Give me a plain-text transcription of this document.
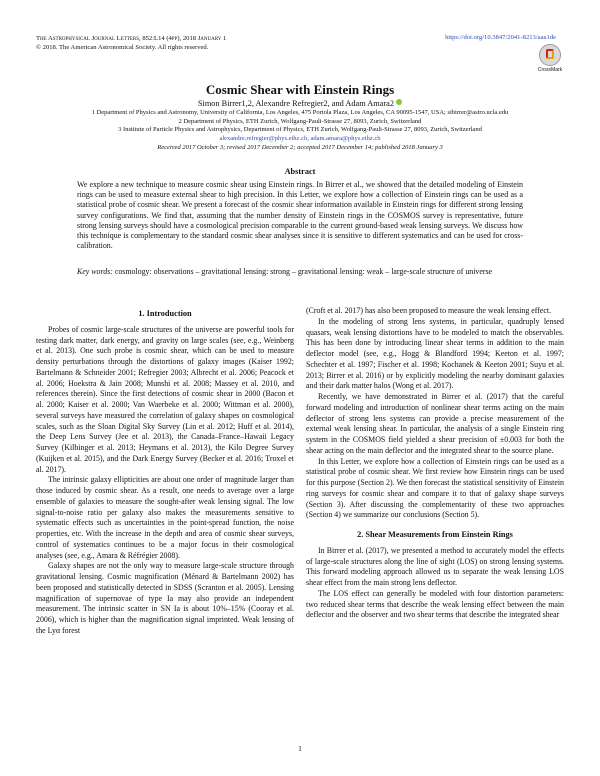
The Astrophysical Journal Letters, 852:L14 (4pp), 2018 January 1
© 2018. The American Astronomical Society. All rights reserved.
https://doi.org/10.3847/2041-8213/aaa1de
CrossMark
Cosmic Shear with Einstein Rings
Simon Birrer1,2, Alexandre Refregier2, and Adam Amara2
1 Department of Physics and Astronomy, University of California, Los Angeles, 475 Portola Plaza, Los Angeles, CA 90095-1547, USA; sibirrer@astro.ucla.edu
2 Department of Physics, ETH Zurich, Wolfgang-Pauli-Strasse 27, 8093, Zurich, Switzerland
3 Institute of Particle Physics and Astrophysics, Department of Physics, ETH Zurich, Wolfgang-Pauli-Strasse 27, 8093, Zurich, Switzerland
alexandre.refregier@phys.ethz.ch, adam.amara@phys.ethz.ch
Received 2017 October 3; revised 2017 December 2; accepted 2017 December 14; published 2018 January 3
Abstract
We explore a new technique to measure cosmic shear using Einstein rings. In Birrer et al., we showed that the detailed modeling of Einstein rings can be used to measure external shear to high precision. In this Letter, we explore how a collection of Einstein rings can be used as a statistical probe of cosmic shear. We present a forecast of the cosmic shear information available in Einstein rings for different strong lensing survey configurations. We find that, assuming that the number density of Einstein rings in the COSMOS survey is representative, future strong lensing surveys should have a cosmological precision comparable to the current ground-based weak lensing surveys. We discuss how this technique is complementary to the standard cosmic shear analyses since it is sensitive to different systematics and can be used for cross-calibration.
Key words: cosmology: observations – gravitational lensing: strong – gravitational lensing: weak – large-scale structure of universe
1. Introduction

Probes of cosmic large-scale structures of the universe are powerful tools for testing dark matter, dark energy, and gravity on large scales (see, e.g., Weinberg et al. 2013). One such probe is cosmic shear, which can be used to measure density perturbations through the distortions of galaxy images (Kaiser 1992; Bartelmann & Schneider 2001; Refregier 2003; Albrecht et al. 2006; Peacock et al. 2006; Hoekstra & Jain 2008; Munshi et al. 2008; Massey et al. 2010, and references therein). Since the first detections of cosmic shear in 2000 (Bacon et al. 2000; Kaiser et al. 2000; Van Waerbeke et al. 2000; Wittman et al. 2000), several surveys have measured the correlation of galaxy shapes on cosmological scales, such as the Sloan Digital Sky Survey (Lin et al. 2012; Huff et al. 2014), the Deep Lens Survey (Jee et al. 2013), the Canada–France–Hawaii Legacy Survey (Kilbinger et al. 2013; Heymans et al. 2013), the Kilo Degree Survey (Kuijken et al. 2015), and the Dark Energy Survey (Becker et al. 2016; Troxel et al. 2017).

The intrinsic galaxy ellipticities are about one order of magnitude larger than those induced by cosmic shear. As a result, one needs to average over a large ensemble of galaxies to measure the sought-after weak lensing signal. The low signal-to-noise ratio per galaxy also makes the measurements sensitive to systematic effects such as uncertainties in the point-spread function, the noise properties, etc. With the increase in the depth and area of cosmic shear surveys, control of systematics continues to be a major focus in their cosmological analyses (see, e.g., Amara & Réfrégier 2008).

Galaxy shapes are not the only way to measure large-scale structure through gravitational lensing. Cosmic magnification (Ménard & Bartelmann 2002) has been proposed and statistically detected in SDSS (Scranton et al. 2005). Lensing magnification of supernovae of type Ia may also provide an independent measurement. The intrinsic scatter in SN Ia is about 10%–15% (Cooray et al. 2006), which is higher than the magnification signal imprinted. Weak lensing of the Lyα forest

(Croft et al. 2017) has also been proposed to measure the weak lensing effect.

In the modeling of strong lens systems, in particular, quadruply lensed quasars, weak lensing distortions have to be modeled to match the observables. This has been done by introducing linear shear terms in addition to the main deflector model (see, e.g., Hogg & Blandford 1994; Keeton et al. 1997; Schechter et al. 1997; Fischer et al. 1998; Kochanek & Keeton 2001; Suyu et al. 2013; Birrer et al. 2016) or by explicitly modeling the nearby dominant galaxies and their dark matter halos (Wong et al. 2017).

Recently, we have demonstrated in Birrer et al. (2017) that the careful forward modeling and introduction of nonlinear shear terms acting on the main deflector of strong lens systems can provide a precise measurement of the external weak lensing shear. In particular, the analysis of a single Einstein ring system in the COSMOS field yielded a shear precision of ±0.003 for both the shear acting on the main deflector and the integrated shear to the source plane.

In this Letter, we explore how a collection of Einstein rings can be used as a statistical probe of cosmic shear. We first review how Einstein rings can be used for this purpose (Section 2). We then forecast the statistical sensitivity of Einstein ring surveys for cosmic shear and compare it to that of galaxy shape surveys (Section 3). After discussing the complementarity of these two approaches (Section 4) we summarize our conclusions (Section 5).

2. Shear Measurements from Einstein Rings

In Birrer et al. (2017), we presented a method to accurately model the effects of large-scale structures along the line of sight (LOS) on strong lensing systems. This forward modeling approach allowed us to separate the weak lensing LOS shear effect from the main strong lens deflector.

The LOS effect can generally be modeled with four distortion parameters: two reduced shear terms that describe the weak lensing effect between the main deflector and the observer and two shear terms that describe the integrated shear

1
